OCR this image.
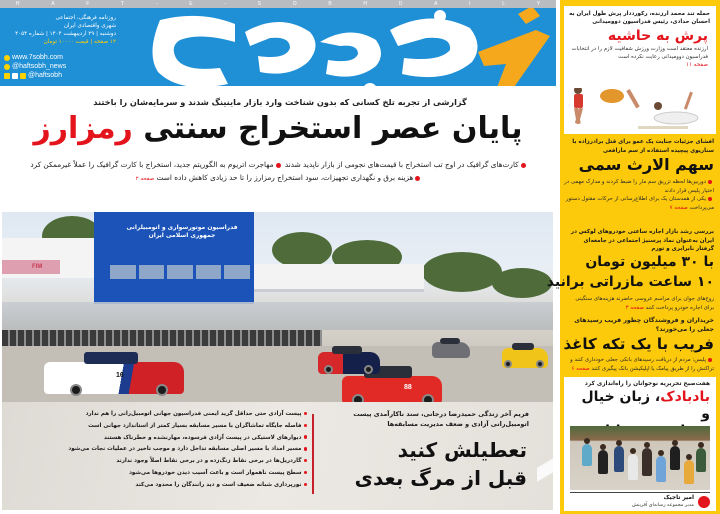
H	A	F	T	-	E	-	S	O	B	H	D	A	I	L	Y
روزنامه فرهنگی، اجتماعی
شهری واقتصادی ایران
دوشنبه | ۲۹ اردیبهشت ۱۴۰۴ | شماره ۴۰۵۴
۱۲ صفحه | قیمت ۱۰۰۰۰ تومان
www.7sobh.com
@haftsobh_news
@haftsobh
گزارشی از تجربه تلخ کسانی که بدون شناخت وارد بازار ماینینگ شدند و سرمایه‌شان را باختند
پایان عصر استخراج سنتی رمزارز
کارت‌های گرافیک در اوج تب استخراج با قیمت‌های نجومی از بازار ناپدید شدند مهاجرت اتریوم به الگوریتم جدید، استخراج با کارت گرافیک را عملاً غیرممکن کرد
هزینه برق و نگهداری تجهیزات، سود استخراج رمزارز را تا حد زیادی کاهش داده است صفحه ۲
FIM
فدراسیون موتورسواری و اتومبیلرانی
جمهوری اسلامی ایران
16
88
فریم آخر زندگی حمیدرضا درجانی، سند ناکارآمدی پیست اتومبیل‌رانی آزادی و ضعف مدیریت مسابقه‌ها
تعطیلش کنید
قبل از مرگ بعدی
پیست آزادی حتی حداقل گرید ایمنی فدراسیون جهانی اتومبیل‌رانی را هم ندارد
فاصله جایگاه تماشاگران با مسیر مسابقه بسیار کمتر از استاندارد جهانی است
دیوارهای لاستیکی در پیست آزادی فرسوده، مهارنشده و خطرناک هستند
مسیر امداد با مسیر اصلی مسابقه تداخل دارد و موجب تاخیر در عملیات نجات می‌شود
گاردریل‌ها در برخی نقاط زنگ‌زده و در برخی نقاط اصلاً وجود ندارند
سطح پیست ناهموار است و باعث آسیب دیدن خودروها می‌شود
نورپردازی شبانه ضعیف است و دید رانندگان را محدود می‌کند
حمله تند محمد ارزنده، رکورددار پرش طول ایران به احسان حدادی، رئیس فدراسیون دوومیدانی
پرش به حاشیه
ارزنده معتقد است وزارت ورزش شفافیت لازم را در انتخابات فدراسیون دوومیدانی رعایت نکرده است
صفحه ۱۱
افشای جزئیات جنایت یک عمو برای قتل برادرزاده با سناریوی پیچیده استفاده از سم مارافعی
سهم الارث سمی
دوربین‌ها لحظه تزریق سم مار را ضبط کردند و مدارک مهمی در اختیار پلیس قرار دادند
یکی از همدستان یک برای اطلاع‌رسانی از حرکات مقتول دستور می‌پرداخت صفحه ۷
بررسی رشد بازار اجاره ساعتی خودروهای لوکس در ایران به‌عنوان نماد پرسنیژ اجتماعی در جامعه‌ای گرفتار نابرابری و تورم
با ۳۰ میلیون تومان
۱۰ ساعت مازراتی برانید
زوج‌های جوان برای مراسم عروسی حاضرند هزینه‌های سنگینی برای اجاره خودرو پرداخت کنند صفحه ۳
خریداران و فروشندگان چطور فریب رسیدهای جعلی را می‌خورند؟
فریب با یک تکه کاغذ
پلیس: مردم از دریافت رسیدهای بانکی جعلی خودداری کنند و تراکنش را از طریق پیامک یا اپلیکیشن بانک پیگیری کنند صفحه ۶
هفت‌صبح تحریریه نوجوانان را راه‌اندازی کرد
بادبادک، زبان خیال و
امیر تاجیک
مدیر مجموعه رسانه‌ای آفرینش
